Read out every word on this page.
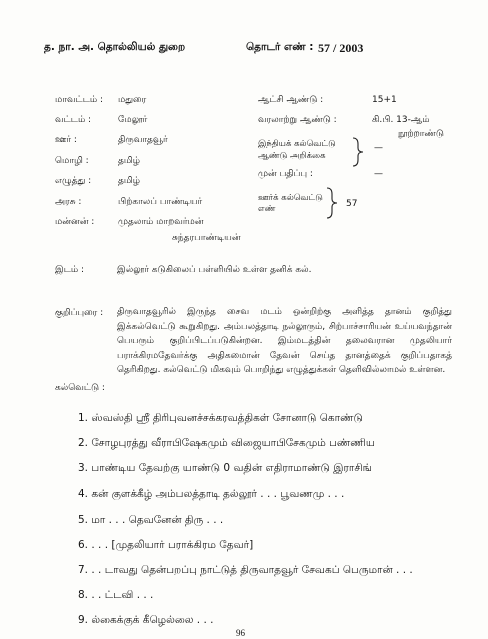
த. நா. அ. தொல்லியல் துறை	தொடர் எண் : 57 / 2003
மாவட்டம் : மதுரை
வட்டம் :	மேலூர்
ஊர் :	திருவாதவூர்
மொழி :	தமிழ்
எழுத்து :	தமிழ்
அரசு :	பிற்காலப் பாண்டியர்
மன்னன் :	முதலாம் மாறவர்மன்
சுந்தரபாண்டியன்
ஆட்சி ஆண்டு :	15+1
வரலாற்று ஆண்டு :	கி.பி. 13-ஆம்
நூற்றாண்டு
இந்தியக் கல்வெட்டு
ஆண்டு அறிக்கை
—
முன் பதிப்பு :	—
ஊர்க் கல்வெட்டு
எண்	57
இடம் :	இல்லூர் கடுகிலைப் பள்ளியில் உள்ள தனிக் கல்.
குறிப்புரை : திருவாதவூரில் இருந்த சைவ மடம் ஒன்றிற்கு அளித்த தானம் குறித்து இக்கல்வெட்டு கூறுகிறது. அம்பலத்தாடி நல்லூரும், சிற்பாச்சாரியன் உய்யவந்தான் பெயரும் குறிப்பிடப்படுகின்றன. இம்மடத்தின் தலைவரான முதலியார் பராக்கிரமதேவர்க்கு அதிகமைான் தேவன் செய்த தானத்தைக் குறிப்பதாகத் தெரிகிறது. கல்வெட்டு மிகவும் பொறிந்து எழுத்துக்கள் தெளிவில்லாமல் உள்ளன.
கல்வெட்டு :
1. ஸ்வஸ்தி ஸ்ரீ திரிபுவனச்சக்கரவத்திகள் சோனாடு கொண்டு
2. சோழபுரத்து வீராபிஷேகமும் விஜையாபிசேகமும் பண்ணிய
3. பாண்டிய தேவற்கு யாண்டு 0 வதின் எதிராமாண்டு இராசிங்
4. கன் குளக்கீழ் அம்பலத்தாடி தல்லூர் . . . பூவணமு . . .
5. மா . . . தெவனேன் திரு . . .
6. . . . [முதலியார் பராக்கிரம தேவர்]
7. . . டாவது தென்பறப்பு நாட்டுத் திருவாதவூர் சேவகப் பெருமான் . . .
8. . . ட்டவி . . .
9. ல்கைக்குக் கீழெல்லை . . .
96
